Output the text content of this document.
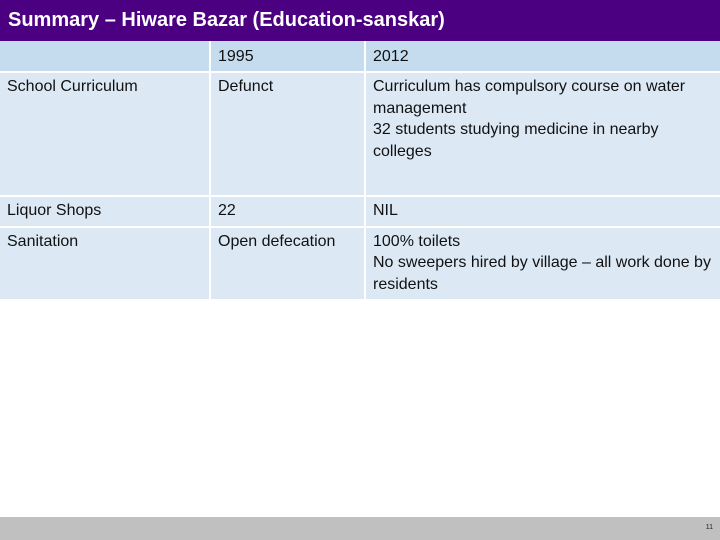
Summary – Hiware Bazar (Education-sanskar)
	1995	2012
School Curriculum	Defunct	Curriculum has compulsory course on water management
32 students studying medicine in nearby colleges

Liquor Shops	22	NIL

Sanitation	Open defecation	100% toilets
No sweepers hired by village – all work done by residents
11
